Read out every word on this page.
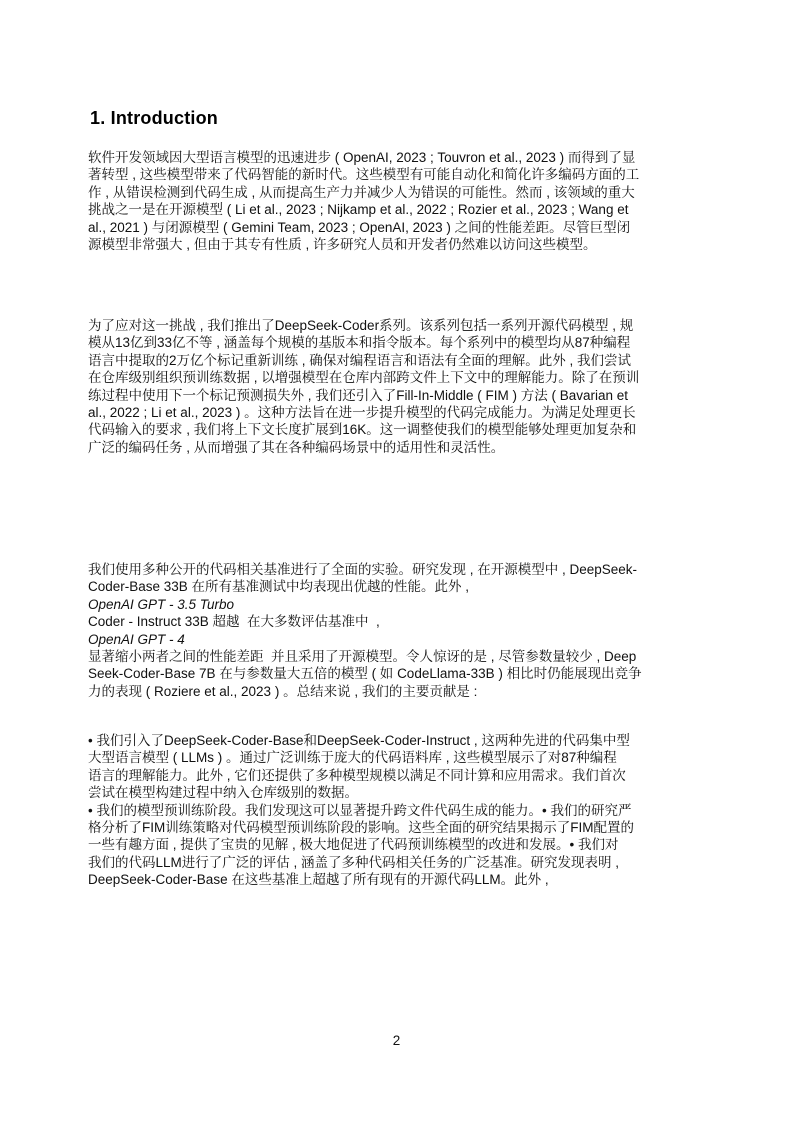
1. Introduction
软件开发领域因大型语言模型的迅速进步 ( OpenAI, 2023 ; Touvron et al., 2023 ) 而得到了显
著转型 , 这些模型带来了代码智能的新时代。这些模型有可能自动化和简化许多编码方面的工
作 , 从错误检测到代码生成 , 从而提高生产力并减少人为错误的可能性。然而 , 该领域的重大
挑战之一是在开源模型 ( Li et al., 2023 ; Nijkamp et al., 2022 ; Rozier et al., 2023 ; Wang et
al., 2021 ) 与闭源模型 ( Gemini Team, 2023 ; OpenAI, 2023 ) 之间的性能差距。尽管巨型闭
源模型非常强大 , 但由于其专有性质 , 许多研究人员和开发者仍然难以访问这些模型。
为了应对这一挑战 , 我们推出了DeepSeek-Coder系列。该系列包括一系列开源代码模型 , 规
模从13亿到33亿不等 , 涵盖每个规模的基版本和指令版本。每个系列中的模型均从87种编程
语言中提取的2万亿个标记重新训练 , 确保对编程语言和语法有全面的理解。此外 , 我们尝试
在仓库级别组织预训练数据 , 以增强模型在仓库内部跨文件上下文中的理解能力。除了在预训
练过程中使用下一个标记预测损失外 , 我们还引入了Fill-In-Middle ( FIM ) 方法 ( Bavarian et
al., 2022 ; Li et al., 2023 ) 。这种方法旨在进一步提升模型的代码完成能力。为满足处理更长
代码输入的要求 , 我们将上下文长度扩展到16K。这一调整使我们的模型能够处理更加复杂和
广泛的编码任务 , 从而增强了其在各种编码场景中的适用性和灵活性。
我们使用多种公开的代码相关基准进行了全面的实验。研究发现 , 在开源模型中 , DeepSeek-
Coder-Base 33B 在所有基准测试中均表现出优越的性能。此外 ,
OpenAI GPT - 3.5 Turbo
Coder - Instruct 33B 超越  在大多数评估基准中  ,
OpenAI GPT - 4
显著缩小两者之间的性能差距  并且采用了开源模型。令人惊讶的是 , 尽管参数量较少 , Deep
Seek-Coder-Base 7B 在与参数量大五倍的模型 ( 如 CodeLlama-33B ) 相比时仍能展现出竞争
力的表现 ( Roziere et al., 2023 ) 。总结来说 , 我们的主要贡献是 :
• 我们引入了DeepSeek-Coder-Base和DeepSeek-Coder-Instruct , 这两种先进的代码集中型
大型语言模型 ( LLMs ) 。通过广泛训练于庞大的代码语料库 , 这些模型展示了对87种编程
语言的理解能力。此外 , 它们还提供了多种模型规模以满足不同计算和应用需求。我们首次
尝试在模型构建过程中纳入仓库级别的数据。
• 我们的模型预训练阶段。我们发现这可以显著提升跨文件代码生成的能力。• 我们的研究严
格分析了FIM训练策略对代码模型预训练阶段的影响。这些全面的研究结果揭示了FIM配置的
一些有趣方面 , 提供了宝贵的见解 , 极大地促进了代码预训练模型的改进和发展。• 我们对
我们的代码LLM进行了广泛的评估 , 涵盖了多种代码相关任务的广泛基准。研究发现表明 ,
DeepSeek-Coder-Base 在这些基准上超越了所有现有的开源代码LLM。此外 ,
2
